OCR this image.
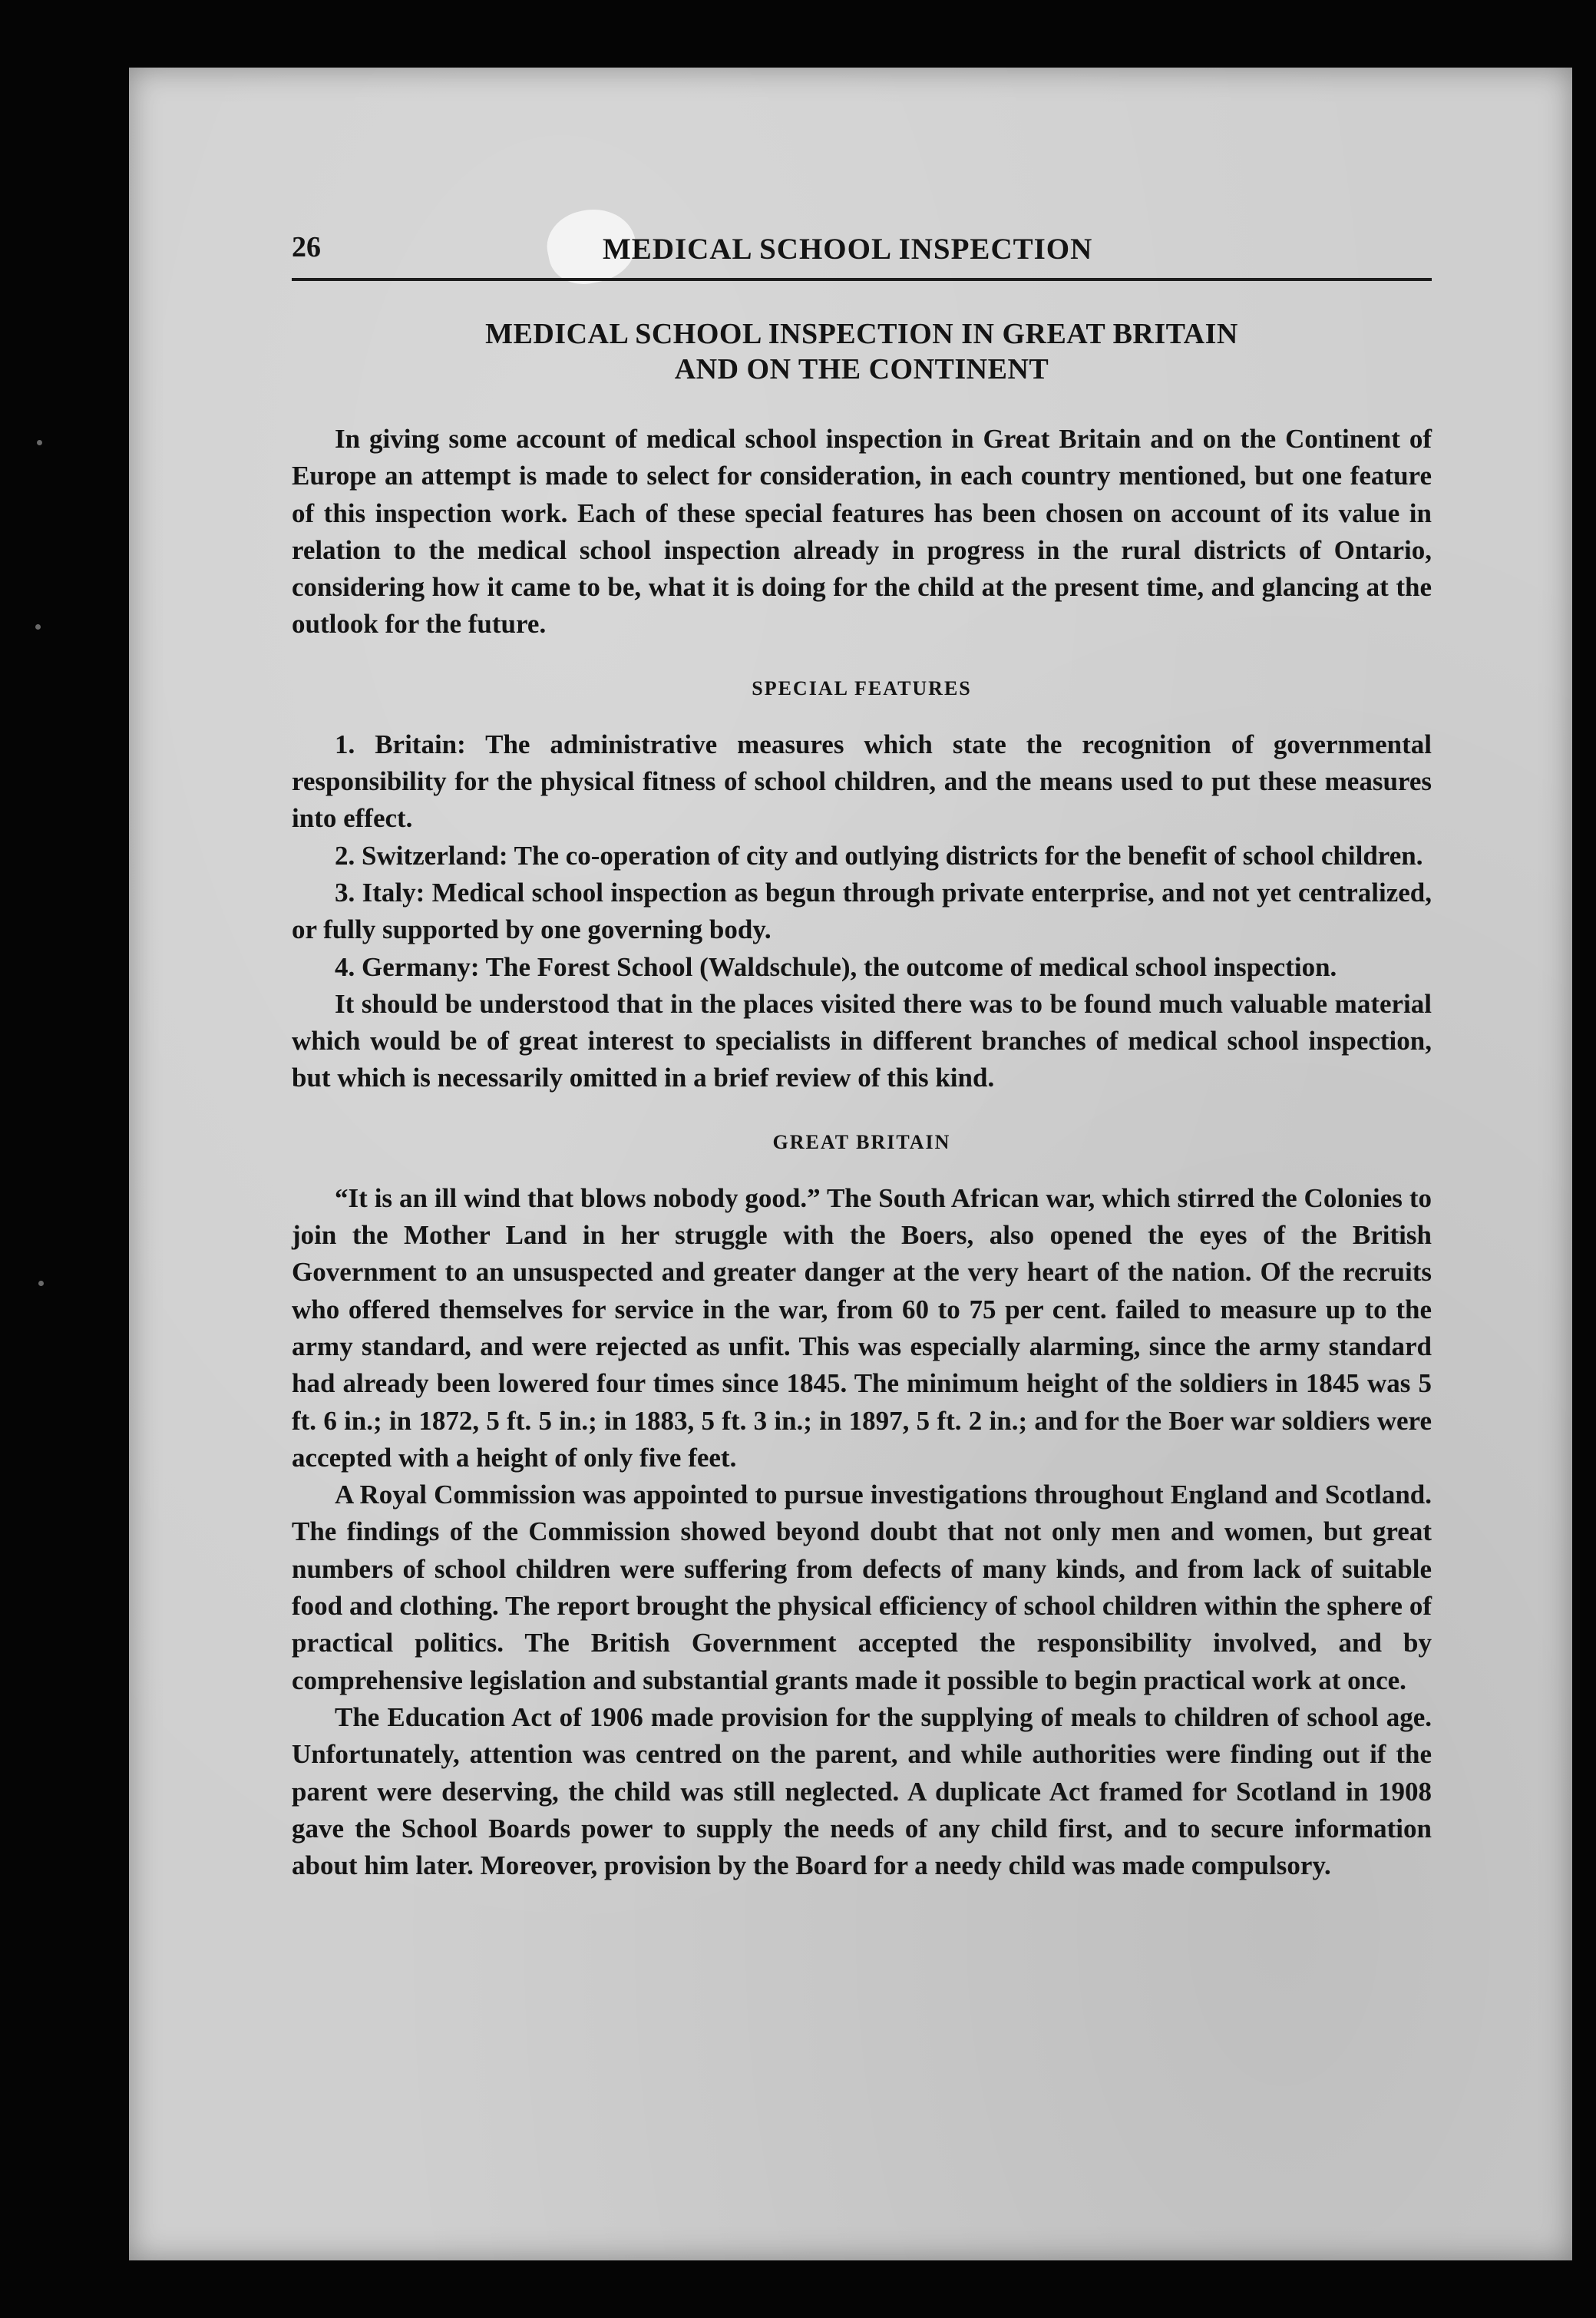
26	MEDICAL SCHOOL INSPECTION
MEDICAL SCHOOL INSPECTION IN GREAT BRITAIN
AND ON THE CONTINENT

In giving some account of medical school inspection in Great Britain and on the Continent of Europe an attempt is made to select for consideration, in each country mentioned, but one feature of this inspection work. Each of these special features has been chosen on account of its value in relation to the medical school inspection already in progress in the rural districts of Ontario, considering how it came to be, what it is doing for the child at the present time, and glancing at the outlook for the future.

SPECIAL FEATURES

1. Britain: The administrative measures which state the recognition of governmental responsibility for the physical fitness of school children, and the means used to put these measures into effect.

2. Switzerland: The co-operation of city and outlying districts for the benefit of school children.

3. Italy: Medical school inspection as begun through private enterprise, and not yet centralized, or fully supported by one governing body.

4. Germany: The Forest School (Waldschule), the outcome of medical school inspection.

It should be understood that in the places visited there was to be found much valuable material which would be of great interest to specialists in different branches of medical school inspection, but which is necessarily omitted in a brief review of this kind.

GREAT BRITAIN

“It is an ill wind that blows nobody good.” The South African war, which stirred the Colonies to join the Mother Land in her struggle with the Boers, also opened the eyes of the British Government to an unsuspected and greater danger at the very heart of the nation. Of the recruits who offered themselves for service in the war, from 60 to 75 per cent. failed to measure up to the army standard, and were rejected as unfit. This was especially alarming, since the army standard had already been lowered four times since 1845. The minimum height of the soldiers in 1845 was 5 ft. 6 in.; in 1872, 5 ft. 5 in.; in 1883, 5 ft. 3 in.; in 1897, 5 ft. 2 in.; and for the Boer war soldiers were accepted with a height of only five feet.

A Royal Commission was appointed to pursue investigations throughout England and Scotland. The findings of the Commission showed beyond doubt that not only men and women, but great numbers of school children were suffering from defects of many kinds, and from lack of suitable food and clothing. The report brought the physical efficiency of school children within the sphere of practical politics. The British Government accepted the responsibility involved, and by comprehensive legislation and substantial grants made it possible to begin practical work at once.

The Education Act of 1906 made provision for the supplying of meals to children of school age. Unfortunately, attention was centred on the parent, and while authorities were finding out if the parent were deserving, the child was still neglected. A duplicate Act framed for Scotland in 1908 gave the School Boards power to supply the needs of any child first, and to secure information about him later. Moreover, provision by the Board for a needy child was made compulsory.
